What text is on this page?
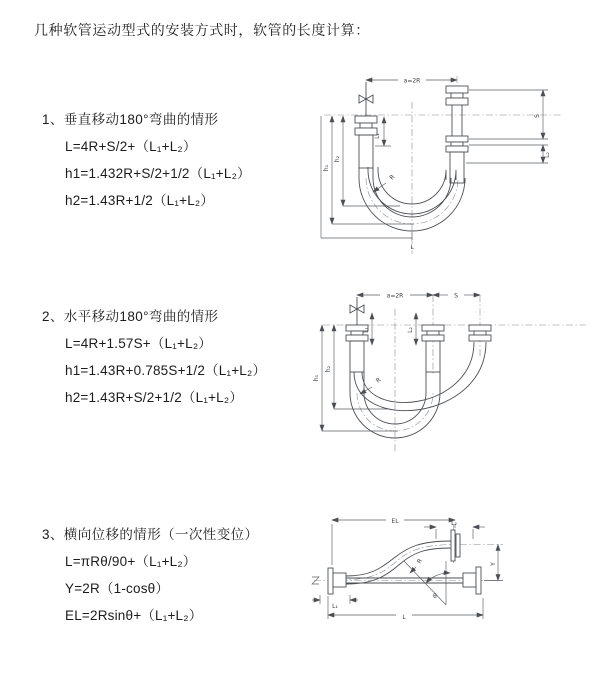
几种软管运动型式的安装方式时，软管的长度计算：
1、垂直移动180°弯曲的情形
L=4R+S/2+（L₁+L₂）
h1=1.432R+S/2+1/2（L₁+L₂）
h2=1.43R+1/2（L₁+L₂）
2、水平移动180°弯曲的情形
L=4R+1.57S+（L₁+L₂）
h1=1.43R+0.785S+1/2（L₁+L₂）
h2=1.43R+S/2+1/2（L₁+L₂）
3、横向位移的情形（一次性变位）
L=πRθ/90+（L₁+L₂）
Y=2R（1-cosθ）
EL=2Rsinθ+（L₁+L₂）
a=2R
L₁
S
L₂
h₁
h₂
R
L
a=2R	S
L₁	L₂
h₁
h₂
R
EL	L₂
Y
R
θ
L
L₁
